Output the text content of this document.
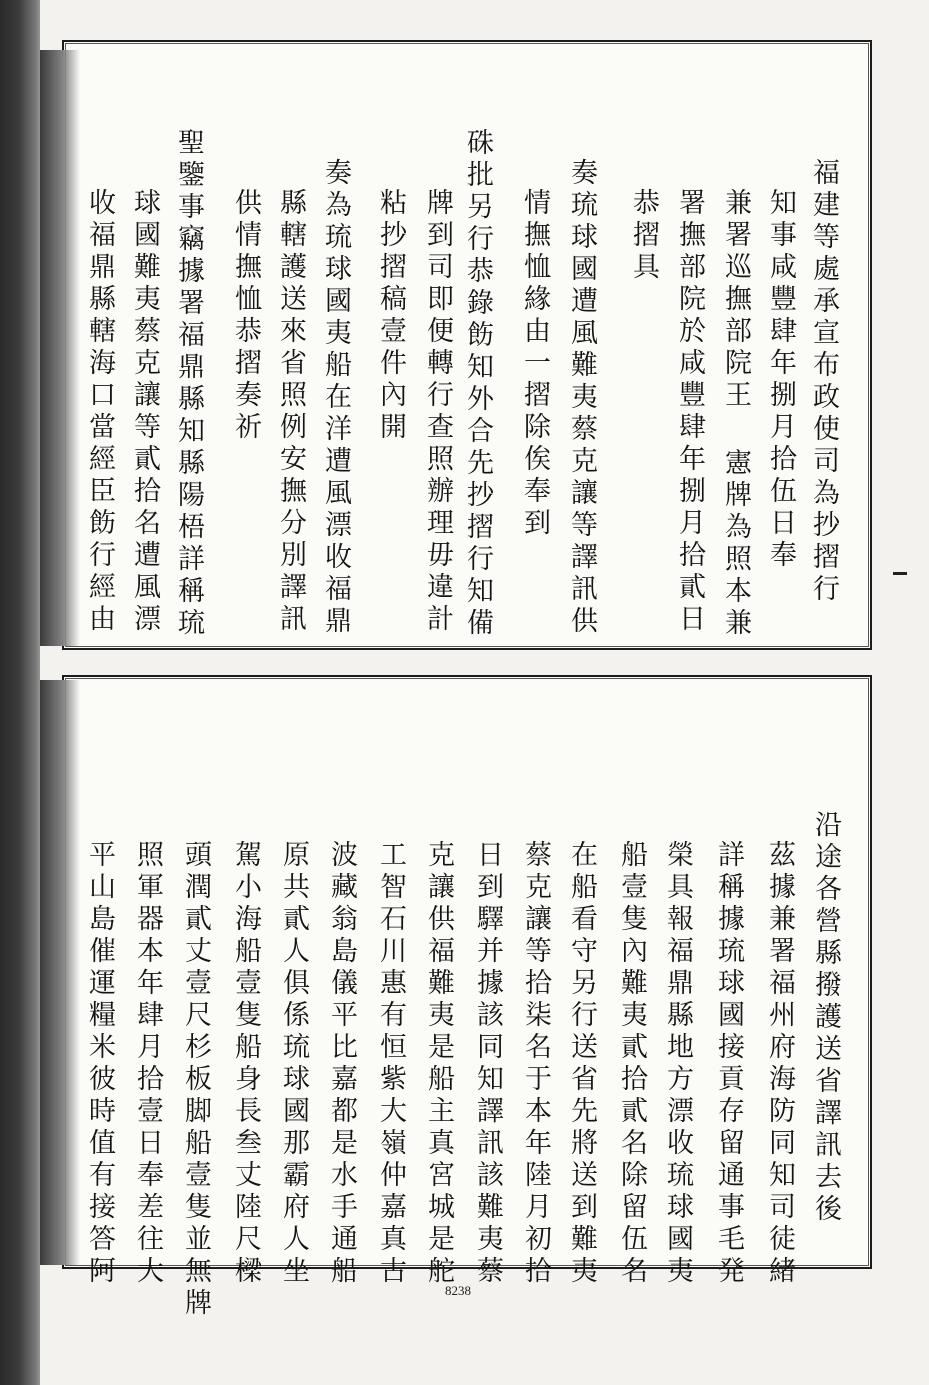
福建等處承宣布政使司為抄摺行
知事咸豐肆年捌月拾伍日奉
兼署巡撫部院王 憲牌為照本兼
署撫部院於咸豐肆年捌月拾貳日
恭摺具
奏琉球國遭風難夷蔡克讓等譯訊供
情撫恤緣由一摺除俟奉到
硃批另行恭錄飭知外合先抄摺行知備
牌到司即便轉行查照辦理毋違計
粘抄摺稿壹件內開
奏為琉球國夷船在洋遭風漂收福鼎
縣轄護送來省照例安撫分別譯訊
供情撫恤恭摺奏祈
聖鑒事竊據署福鼎縣知縣陽梧詳稱琉
球國難夷蔡克讓等貳拾名遭風漂
收福鼎縣轄海口當經臣飭行經由
沿途各營縣撥護送省譯訊去後
茲據兼署福州府海防同知司徒緒
詳稱據琉球國接貢存留通事毛発
榮具報福鼎縣地方漂收琉球國夷
船壹隻內難夷貳拾貳名除留伍名
在船看守另行送省先將送到難夷
蔡克讓等拾柒名于本年陸月初拾
日到驛并據該同知譯訊該難夷蔡
克讓供福難夷是船主真宮城是舵
工智石川惠有恒紫大嶺仲嘉真古
波藏翁島儀平比嘉都是水手通船
原共貳人俱係琉球國那霸府人坐
駕小海船壹隻船身長叁丈陸尺樑
頭潤貳丈壹尺杉板脚船壹隻並無牌
照軍器本年肆月拾壹日奉差往大
平山島催運糧米彼時值有接答阿
8238
